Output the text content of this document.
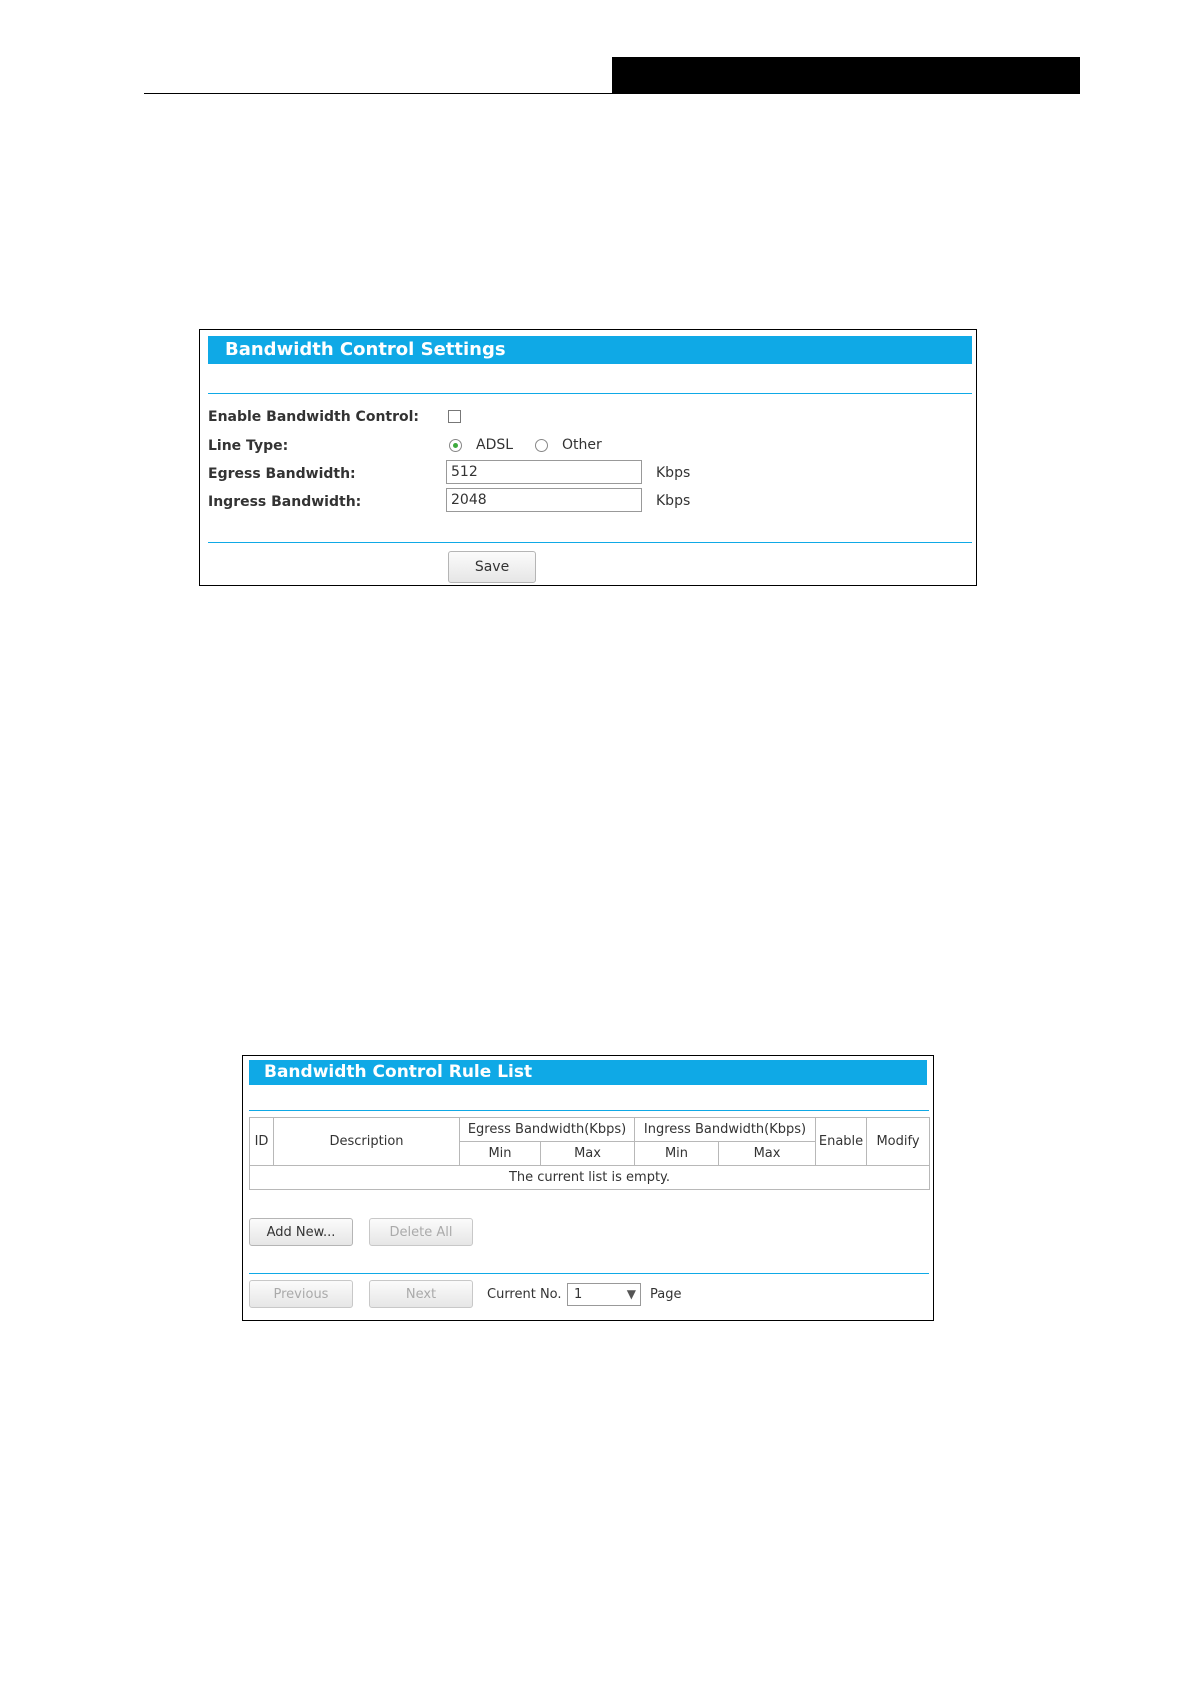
Bandwidth Control Settings
Enable Bandwidth Control:
Line Type:	ADSL	Other
Egress Bandwidth:
512	Kbps
Ingress Bandwidth:
2048	Kbps
Save
Bandwidth Control Rule List
ID	Description	Egress Bandwidth(Kbps)		Ingress Bandwidth(Kbps)		Enable	Modify
		Min	Max	Min	Max		
The current list is empty.							
Add New...	Delete All
Previous	Next	Current No. 1	▼ Page
